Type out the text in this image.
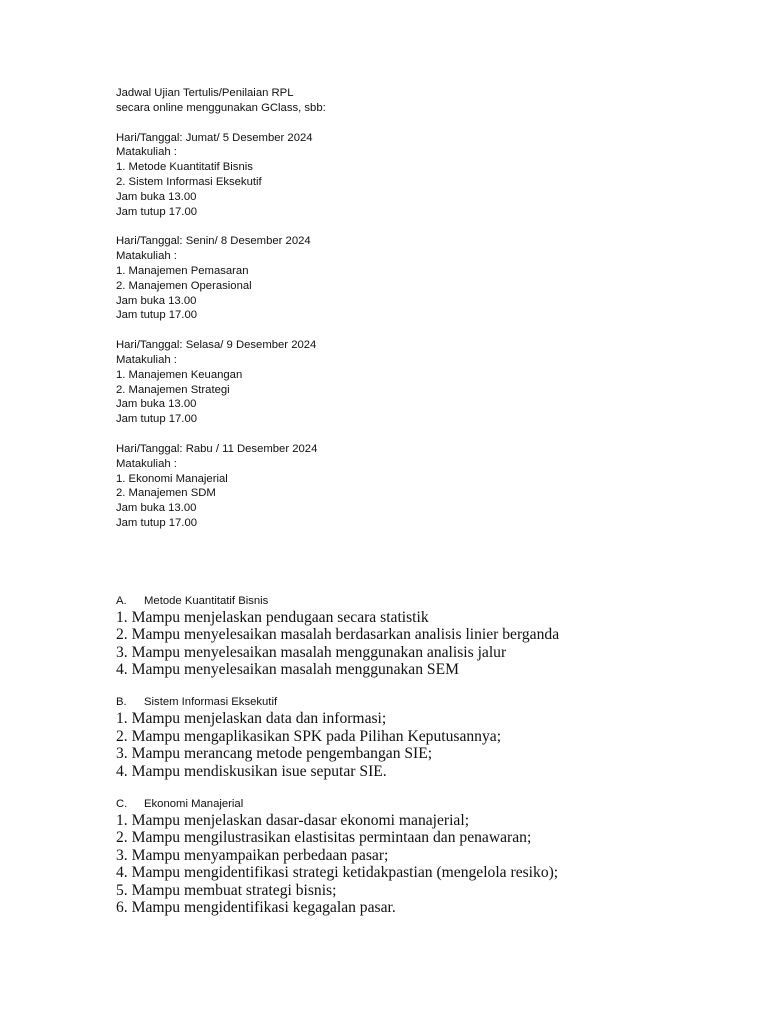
Jadwal Ujian Tertulis/Penilaian RPL

secara online menggunakan GClass, sbb:

Hari/Tanggal: Jumat/ 5 Desember 2024

Matakuliah :

1. Metode Kuantitatif Bisnis

2. Sistem Informasi Eksekutif

Jam buka 13.00

Jam tutup 17.00

Hari/Tanggal: Senin/ 8 Desember 2024

Matakuliah :

1. Manajemen Pemasaran

2. Manajemen Operasional

Jam buka 13.00

Jam tutup 17.00

Hari/Tanggal: Selasa/ 9 Desember 2024

Matakuliah :

1. Manajemen Keuangan

2. Manajemen Strategi

Jam buka 13.00

Jam tutup 17.00

Hari/Tanggal: Rabu / 11 Desember 2024

Matakuliah :

1. Ekonomi Manajerial

2. Manajemen SDM

Jam buka 13.00

Jam tutup 17.00

A.	Metode Kuantitatif Bisnis

1. Mampu menjelaskan pendugaan secara statistik

2. Mampu menyelesaikan masalah berdasarkan analisis linier berganda

3. Mampu menyelesaikan masalah menggunakan analisis jalur

4. Mampu menyelesaikan masalah menggunakan SEM

B.	Sistem Informasi Eksekutif

1. Mampu menjelaskan data dan informasi;

2. Mampu mengaplikasikan SPK pada Pilihan Keputusannya;

3. Mampu merancang metode pengembangan SIE;

4. Mampu mendiskusikan isue seputar SIE.

C.	Ekonomi Manajerial

1. Mampu menjelaskan dasar-dasar ekonomi manajerial;

2. Mampu mengilustrasikan elastisitas permintaan dan penawaran;

3. Mampu menyampaikan perbedaan pasar;

4. Mampu mengidentifikasi strategi ketidakpastian (mengelola resiko);

5. Mampu membuat strategi bisnis;

6. Mampu mengidentifikasi kegagalan pasar.
